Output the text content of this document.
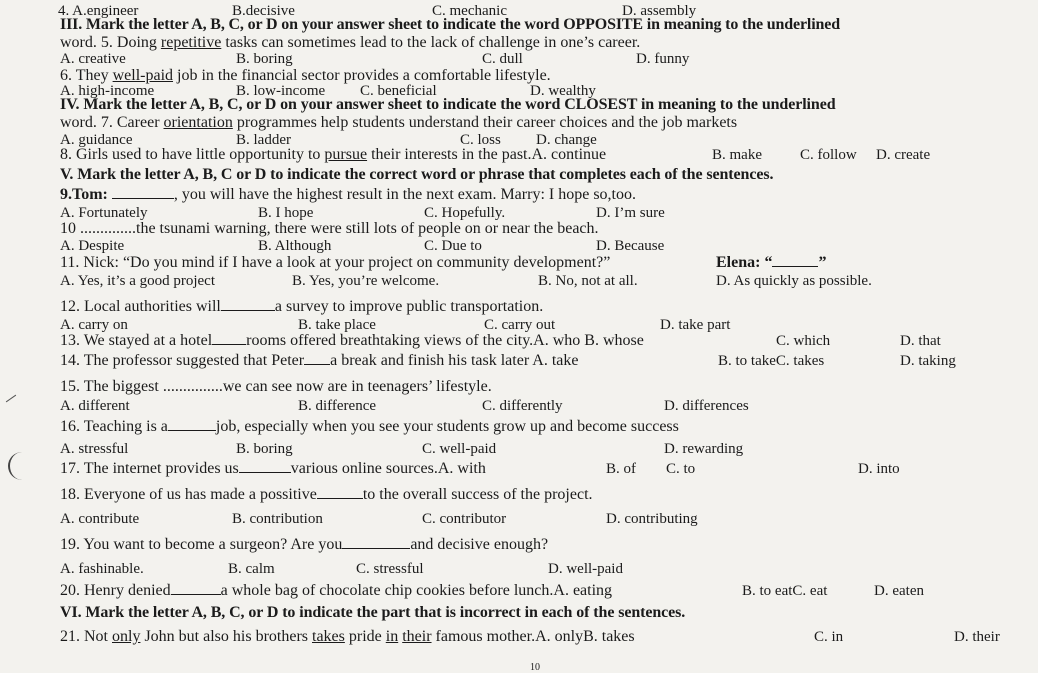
4. A.engineer	B.decisive	C. mechanic	D. assembly
III. Mark the letter A, B, C, or D on your answer sheet to indicate the word OPPOSITE in meaning to the underlined
word. 5. Doing repetitive tasks can sometimes lead to the lack of challenge in one’s career.
A. creative	B. boring	C. dull	D. funny
6. They well-paid job in the financial sector provides a comfortable lifestyle.
A. high-income	B. low-income C. beneficial	D. wealthy
IV. Mark the letter A, B, C, or D on your answer sheet to indicate the word CLOSEST in meaning to the underlined
word. 7. Career orientation programmes help students understand their career choices and the job markets
A. guidance	B. ladder	C. loss D. change
8. Girls used to have little opportunity to pursue their interests in the past.A. continue	B. make	C. follow D. create
V. Mark the letter A, B, C or D to indicate the correct word or phrase that completes each of the sentences.
9.Tom:	, you will have the highest result in the next exam. Marry: I hope so,too.
A. Fortunately	B. I hope	C. Hopefully.	D. I’m sure
10 ..............the tsunami warning, there were still lots of people on or near the beach.
A. Despite	B. Although	C. Due to	D. Because
11. Nick: “Do you mind if I have a look at your project on community development?”	Elena: “	”
A. Yes, it’s a good project	B. Yes, you’re welcome.	B. No, not at all.	D. As quickly as possible.
12. Local authorities will	a survey to improve public transportation.
A. carry on	B. take place	C. carry out	D. take part
13. We stayed at a hotel rooms offered breathtaking views of the city.A. who B. whose	C. which	D. that
14. The professor suggested that Peter a break and finish his task later A. take	B. to takeC. takes	D. taking
15. The biggest ...............we can see now are in teenagers’ lifestyle.
A. different	B. difference	C. differently	D. differences
16. Teaching is a	job, especially when you see your students grow up and become success
A. stressful	B. boring	C. well-paid	D. rewarding
17. The internet provides us	various online sources.A. with	B. of C. to	D. into
18. Everyone of us has made a possitive	to the overall success of the project.
A. contribute	B. contribution	C. contributor	D. contributing
19. You want to become a surgeon? Are you	and decisive enough?
A. fashinable.	B. calm	C. stressful	D. well-paid
20. Henry denied	a whole bag of chocolate chip cookies before lunch.A. eating	B. to eatC. eat	D. eaten
VI. Mark the letter A, B, C, or D to indicate the part that is incorrect in each of the sentences.
21. Not only John but also his brothers takes pride in their famous mother.A. onlyB. takes	C. in	D. their
10
